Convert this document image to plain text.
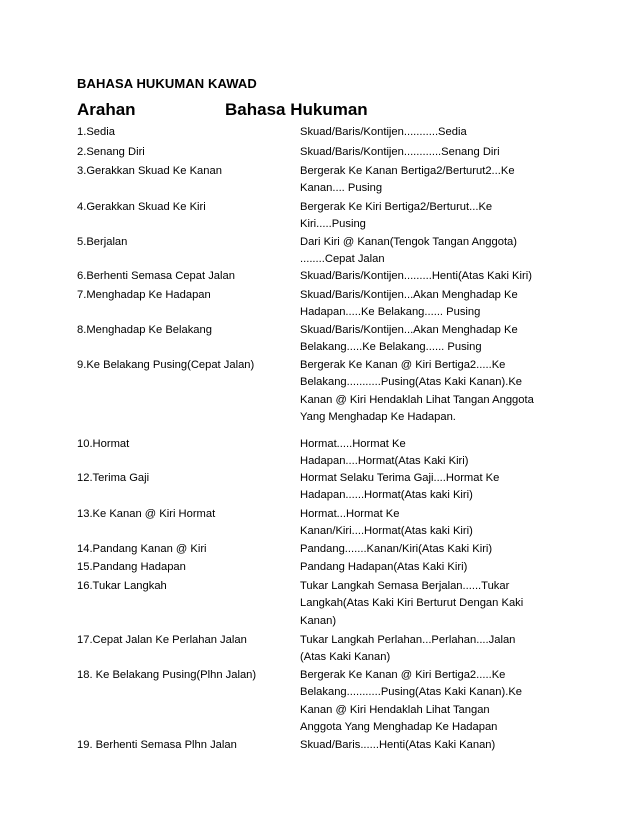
BAHASA HUKUMAN KAWAD
Arahan	Bahasa Hukuman
1.Sedia	Skuad/Baris/Kontijen...........Sedia
2.Senang Diri	Skuad/Baris/Kontijen............Senang Diri
3.Gerakkan Skuad Ke Kanan	Bergerak Ke Kanan Bertiga2/Berturut2...Ke
Kanan.... Pusing
4.Gerakkan Skuad Ke Kiri	Bergerak Ke Kiri Bertiga2/Berturut...Ke
Kiri.....Pusing
5.Berjalan	Dari Kiri @ Kanan(Tengok Tangan Anggota)
........Cepat Jalan
6.Berhenti Semasa Cepat Jalan	Skuad/Baris/Kontijen.........Henti(Atas Kaki Kiri)
7.Menghadap Ke Hadapan	Skuad/Baris/Kontijen...Akan Menghadap Ke
Hadapan.....Ke Belakang...... Pusing
8.Menghadap Ke Belakang	Skuad/Baris/Kontijen...Akan Menghadap Ke
Belakang.....Ke Belakang...... Pusing
9.Ke Belakang Pusing(Cepat Jalan)	Bergerak Ke Kanan @ Kiri Bertiga2.....Ke
Belakang...........Pusing(Atas Kaki Kanan).Ke
Kanan @ Kiri Hendaklah Lihat Tangan Anggota
Yang Menghadap Ke Hadapan.
10.Hormat	Hormat.....Hormat Ke
Hadapan....Hormat(Atas Kaki Kiri)
12.Terima Gaji	Hormat Selaku Terima Gaji....Hormat Ke
Hadapan......Hormat(Atas kaki Kiri)
13.Ke Kanan @ Kiri Hormat	Hormat...Hormat Ke
Kanan/Kiri....Hormat(Atas kaki Kiri)
14.Pandang Kanan @ Kiri	Pandang.......Kanan/Kiri(Atas Kaki Kiri)
15.Pandang Hadapan	Pandang Hadapan(Atas Kaki Kiri)
16.Tukar Langkah	Tukar Langkah Semasa Berjalan......Tukar
Langkah(Atas Kaki Kiri Berturut Dengan Kaki
Kanan)
17.Cepat Jalan Ke Perlahan Jalan	Tukar Langkah Perlahan...Perlahan....Jalan
(Atas Kaki Kanan)
18. Ke Belakang Pusing(Plhn Jalan)	Bergerak Ke Kanan @ Kiri Bertiga2.....Ke
Belakang...........Pusing(Atas Kaki Kanan).Ke
Kanan @ Kiri Hendaklah Lihat Tangan
Anggota Yang Menghadap Ke Hadapan
19. Berhenti Semasa Plhn Jalan	Skuad/Baris......Henti(Atas Kaki Kanan)
